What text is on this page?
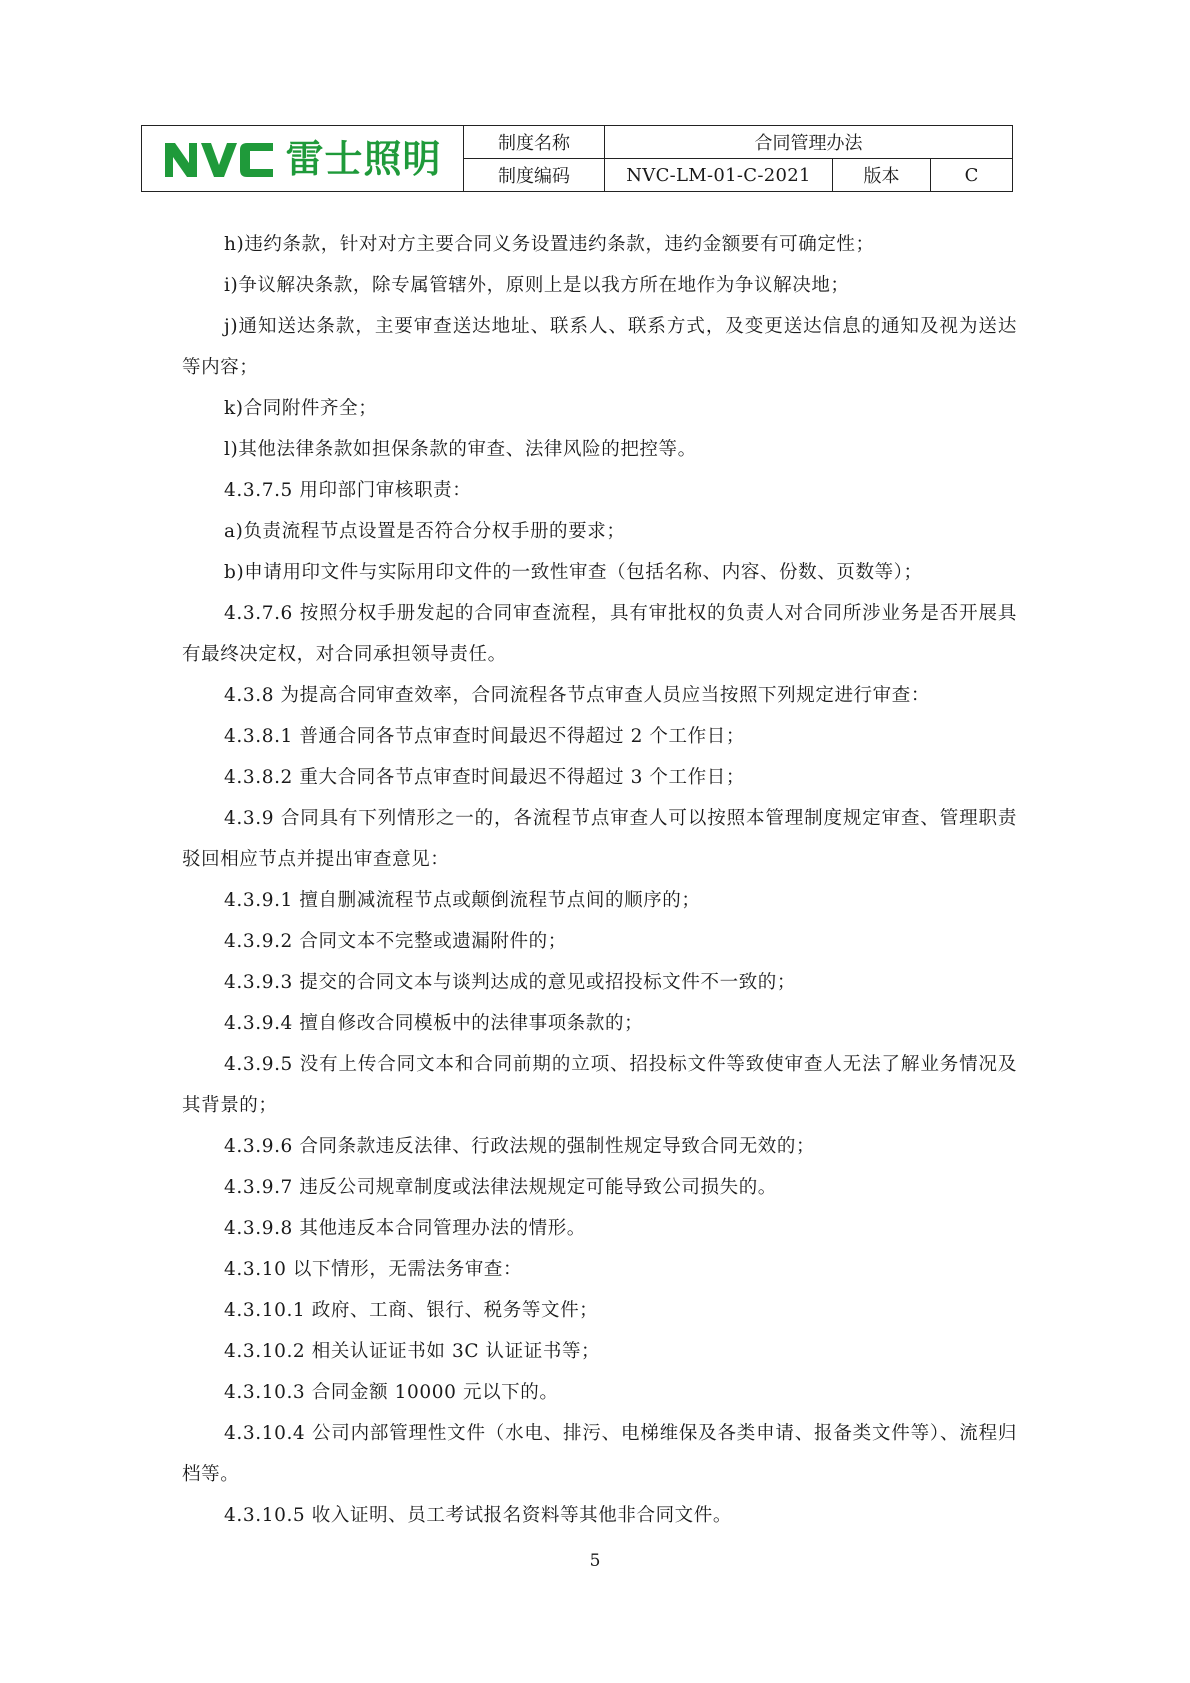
雷士照明	制度名称	合同管理办法		
	制度编码	NVC-LM-01-C-2021	版本	C

h)违约条款，针对对方主要合同义务设置违约条款，违约金额要有可确定性；

i)争议解决条款，除专属管辖外，原则上是以我方所在地作为争议解决地；

j)通知送达条款，主要审查送达地址、联系人、联系方式，及变更送达信息的通知及视为送达等内容；

k)合同附件齐全；

l)其他法律条款如担保条款的审查、法律风险的把控等。

4.3.7.5 用印部门审核职责：

a)负责流程节点设置是否符合分权手册的要求；

b)申请用印文件与实际用印文件的一致性审查（包括名称、内容、份数、页数等）；

4.3.7.6 按照分权手册发起的合同审查流程，具有审批权的负责人对合同所涉业务是否开展具有最终决定权，对合同承担领导责任。

4.3.8 为提高合同审查效率，合同流程各节点审查人员应当按照下列规定进行审查：

4.3.8.1 普通合同各节点审查时间最迟不得超过 2 个工作日；

4.3.8.2 重大合同各节点审查时间最迟不得超过 3 个工作日；

4.3.9 合同具有下列情形之一的，各流程节点审查人可以按照本管理制度规定审查、管理职责驳回相应节点并提出审查意见：

4.3.9.1 擅自删减流程节点或颠倒流程节点间的顺序的；

4.3.9.2 合同文本不完整或遗漏附件的；

4.3.9.3 提交的合同文本与谈判达成的意见或招投标文件不一致的；

4.3.9.4 擅自修改合同模板中的法律事项条款的；

4.3.9.5 没有上传合同文本和合同前期的立项、招投标文件等致使审查人无法了解业务情况及其背景的；

4.3.9.6 合同条款违反法律、行政法规的强制性规定导致合同无效的；

4.3.9.7 违反公司规章制度或法律法规规定可能导致公司损失的。

4.3.9.8 其他违反本合同管理办法的情形。

4.3.10 以下情形，无需法务审查：

4.3.10.1 政府、工商、银行、税务等文件；

4.3.10.2 相关认证证书如 3C 认证证书等；

4.3.10.3 合同金额 10000 元以下的。

4.3.10.4 公司内部管理性文件（水电、排污、电梯维保及各类申请、报备类文件等）、流程归档等。

4.3.10.5 收入证明、员工考试报名资料等其他非合同文件。

5
